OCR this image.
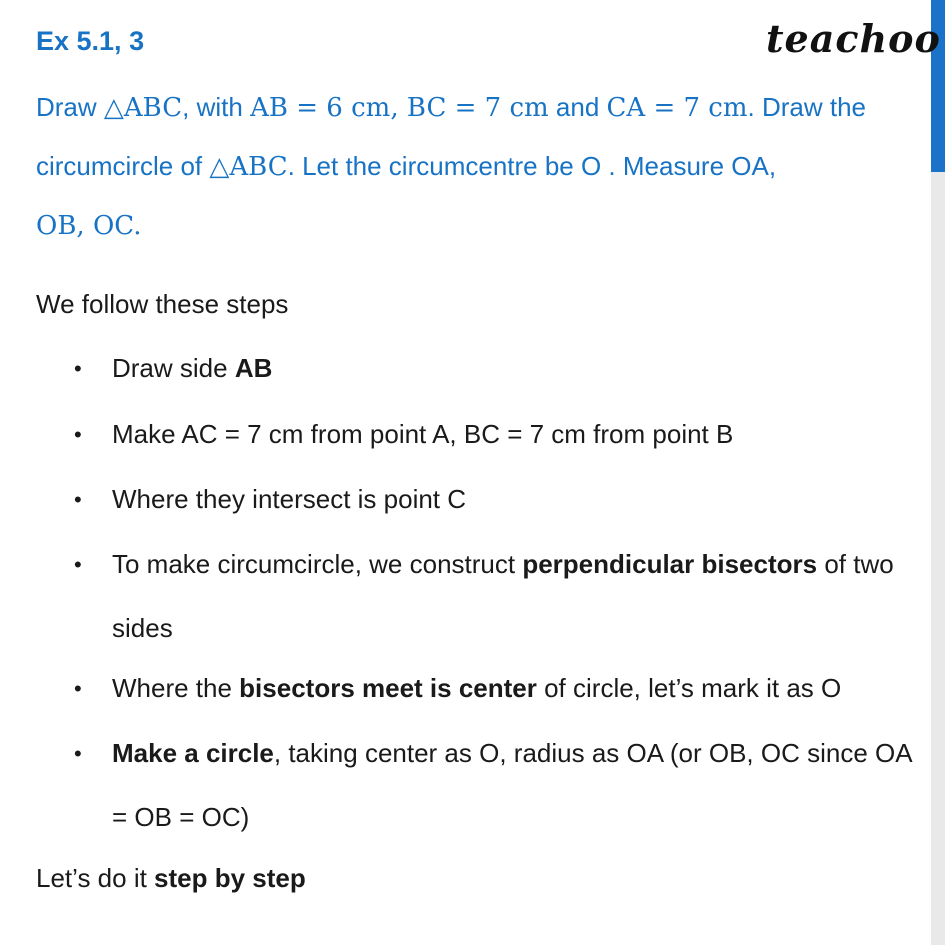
Ex 5.1, 3	teachoo
Draw △ABC, with AB = 6 cm, BC = 7 cm and CA = 7 cm. Draw the circumcircle of △ABC. Let the circumcentre be O . Measure OA,
OB, OC.
We follow these steps
• Draw side AB
• Make AC = 7 cm from point A, BC = 7 cm from point B
• Where they intersect is point C
• To make circumcircle, we construct perpendicular bisectors of two sides
• Where the bisectors meet is center of circle, let’s mark it as O
• Make a circle, taking center as O, radius as OA (or OB, OC since OA = OB = OC)
Let’s do it step by step
